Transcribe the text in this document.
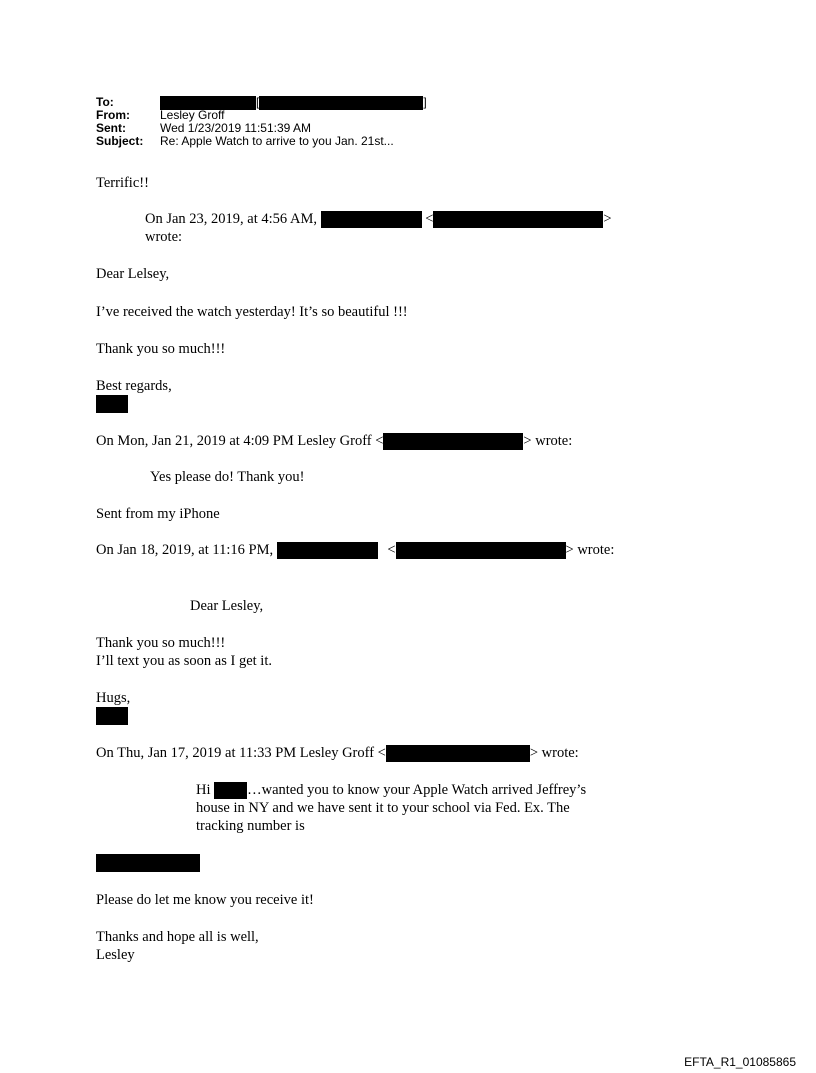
To:	[	]
From:	Lesley Groff
Sent:	Wed 1/23/2019 11:51:39 AM
Subject:	Re: Apple Watch to arrive to you Jan. 21st...
Terrific!!
On Jan 23, 2019, at 4:56 AM,	<	>
wrote:
Dear Lelsey,
I’ve received the watch yesterday! It’s so beautiful !!!
Thank you so much!!!
Best regards,
On Mon, Jan 21, 2019 at 4:09 PM Lesley Groff <	> wrote:
Yes please do! Thank you!
Sent from my iPhone
On Jan 18, 2019, at 11:16 PM,	<	> wrote:
Dear Lesley,
Thank you so much!!!
I’ll text you as soon as I get it.
Hugs,
On Thu, Jan 17, 2019 at 11:33 PM Lesley Groff <	> wrote:
Hi	…wanted you to know your Apple Watch arrived Jeffrey’s
house in NY and we have sent it to your school via Fed. Ex. The
tracking number is
Please do let me know you receive it!
Thanks and hope all is well,
Lesley
EFTA_R1_01085865
